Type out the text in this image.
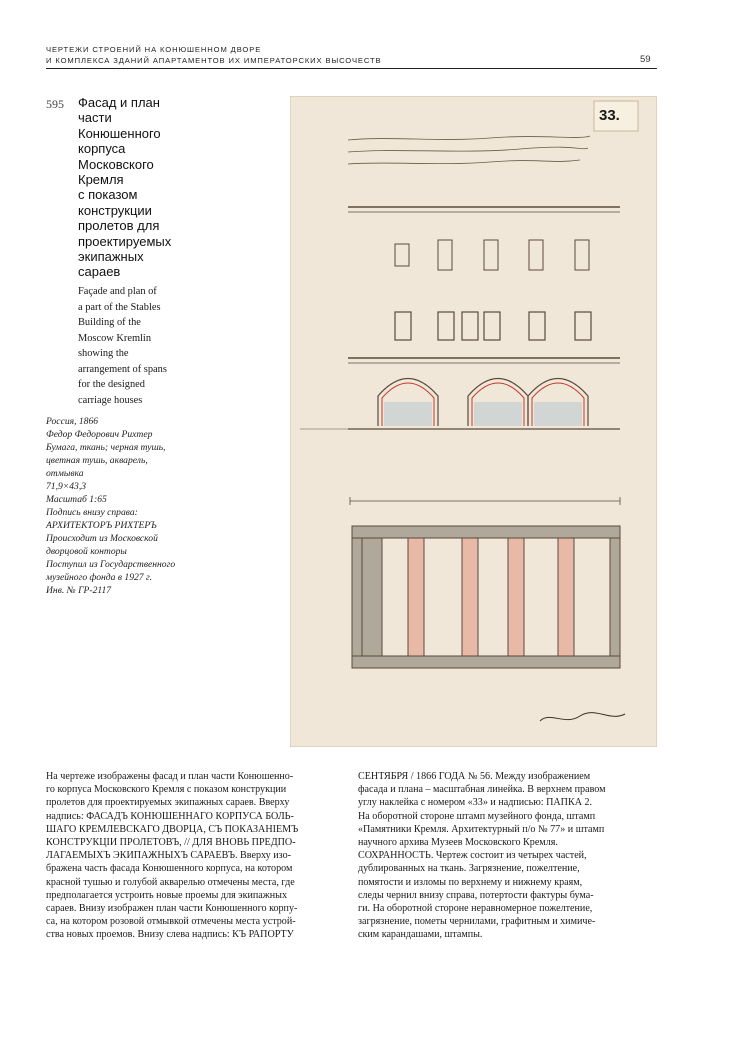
ЧЕРТЕЖИ СТРОЕНИЙ НА КОНЮШЕННОМ ДВОРЕ
И КОМПЛЕКСА ЗДАНИЙ АПАРТАМЕНТОВ ИХ ИМПЕРАТОРСКИХ ВЫСОЧЕСТВ	59
595 Фасад и план
части
Конюшенного
корпуса
Московского
Кремля
с показом
конструкции
пролетов для
проектируемых
экипажных
сараев
Façade and plan of
a part of the Stables
Building of the
Moscow Kremlin
showing the
arrangement of spans
for the designed
carriage houses
Россия, 1866
Федор Федорович Рихтер
Бумага, ткань; черная тушь,
цветная тушь, акварель,
отмывка
71,9×43,3
Масштаб 1:65
Подпись внизу справа:
АРХИТЕКТОРЪ РИХТЕРЪ
Происходит из Московской
дворцовой конторы
Поступил из Государственного
музейного фонда в 1927 г.
Инв. № ГР-2117
33.
На чертеже изображены фасад и план части Конюшенно-
го корпуса Московского Кремля с показом конструкции
пролетов для проектируемых экипажных сараев. Вверху
надпись: ФАСАДЪ КОНЮШЕННАГО КОРПУСА БОЛЬ-
ШАГО КРЕМЛЕВСКАГО ДВОРЦА, СЪ ПОКАЗАНIЕМЪ
КОНСТРУКЦIИ ПРОЛЕТОВЪ, // ДЛЯ ВНОВЬ ПРЕДПО-
ЛАГАЕМЫХЪ ЭКИПАЖНЫХЪ САРАЕВЪ. Вверху изо-
бражена часть фасада Конюшенного корпуса, на котором
красной тушью и голубой акварелью отмечены места, где
предполагается устроить новые проемы для экипажных
сараев. Внизу изображен план части Конюшенного корпу-
са, на котором розовой отмывкой отмечены места устрой-
ства новых проемов. Внизу слева надпись: КЪ РАПОРТУ
СЕНТЯБРЯ / 1866 ГОДА № 56. Между изображением
фасада и плана – масштабная линейка. В верхнем правом
углу наклейка с номером «33» и надписью: ПАПКА 2.
На оборотной стороне штамп музейного фонда, штамп
«Памятники Кремля. Архитектурный п/о № 77» и штамп
научного архива Музеев Московского Кремля.
СОХРАННОСТЬ. Чертеж состоит из четырех частей,
дублированных на ткань. Загрязнение, пожелтение,
помятости и изломы по верхнему и нижнему краям,
следы чернил внизу справа, потертости фактуры бума-
ги. На оборотной стороне неравномерное пожелтение,
загрязнение, пометы чернилами, графитным и химиче-
ским карандашами, штампы.
